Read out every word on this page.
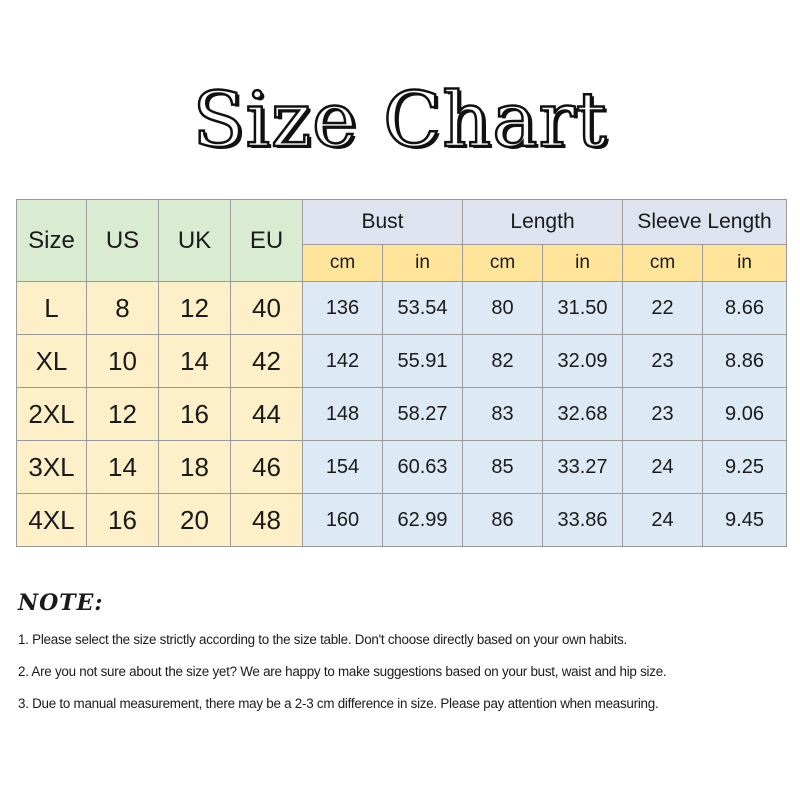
Size Chart
Size	US	UK	EU	Bust		Length		Sleeve Length	
				cm	in	cm	in	cm	in
L	8	12	40	136	53.54	80	31.50	22	8.66
XL	10	14	42	142	55.91	82	32.09	23	8.86
2XL	12	16	44	148	58.27	83	32.68	23	9.06
3XL	14	18	46	154	60.63	85	33.27	24	9.25
4XL	16	20	48	160	62.99	86	33.86	24	9.45
NOTE:
1. Please select the size strictly according to the size table. Don't choose directly based on your own habits.
2. Are you not sure about the size yet? We are happy to make suggestions based on your bust, waist and hip size.
3. Due to manual measurement, there may be a 2-3 cm difference in size. Please pay attention when measuring.
